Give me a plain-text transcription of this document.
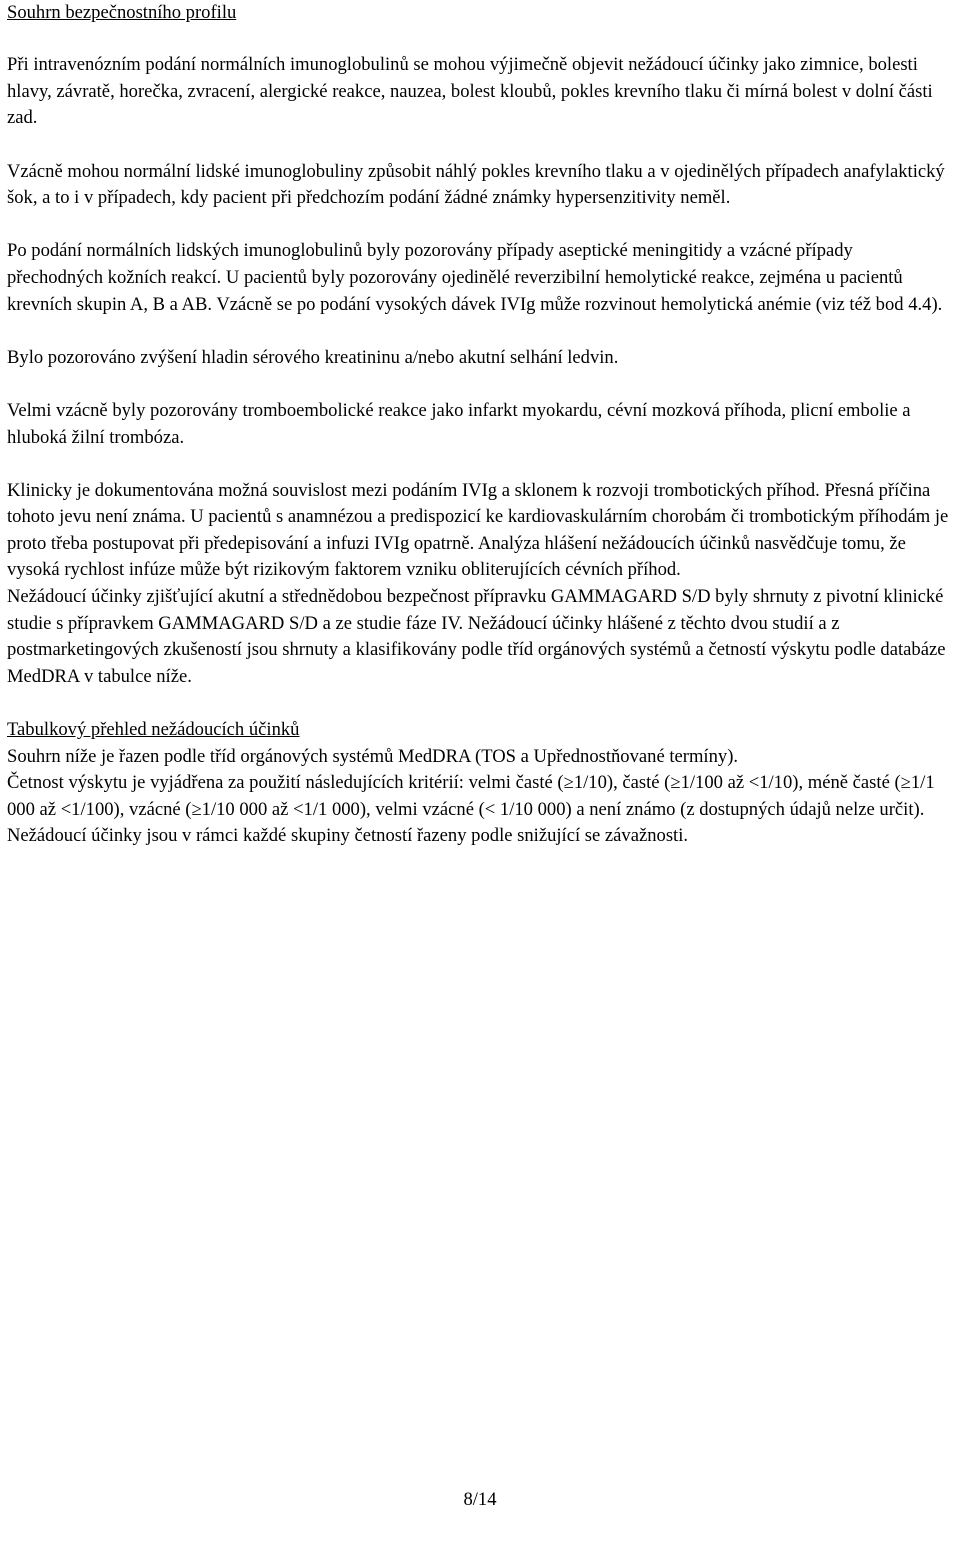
Souhrn bezpečnostního profilu

Při intravenózním podání normálních imunoglobulinů se mohou výjimečně objevit nežádoucí účinky jako zimnice, bolesti hlavy, závratě, horečka, zvracení, alergické reakce, nauzea, bolest kloubů, pokles krevního tlaku či mírná bolest v dolní části zad.

Vzácně mohou normální lidské imunoglobuliny způsobit náhlý pokles krevního tlaku a v ojedinělých případech anafylaktický šok, a to i v případech, kdy pacient při předchozím podání žádné známky hypersenzitivity neměl.

Po podání normálních lidských imunoglobulinů byly pozorovány případy aseptické meningitidy a vzácné případy přechodných kožních reakcí. U pacientů byly pozorovány ojedinělé reverzibilní hemolytické reakce, zejména u pacientů krevních skupin A, B a AB. Vzácně se po podání vysokých dávek IVIg může rozvinout hemolytická anémie (viz též bod 4.4).

Bylo pozorováno zvýšení hladin sérového kreatininu a/nebo akutní selhání ledvin.

Velmi vzácně byly pozorovány tromboembolické reakce jako infarkt myokardu, cévní mozková příhoda, plicní embolie a hluboká žilní trombóza.

Klinicky je dokumentována možná souvislost mezi podáním IVIg a sklonem k rozvoji trombotických příhod. Přesná příčina tohoto jevu není známa. U pacientů s anamnézou a predispozicí ke kardiovaskulárním chorobám či trombotickým příhodám je proto třeba postupovat při předepisování a infuzi IVIg opatrně. Analýza hlášení nežádoucích účinků nasvědčuje tomu, že vysoká rychlost infúze může být rizikovým faktorem vzniku obliterujících cévních příhod.

Nežádoucí účinky zjišťující akutní a střednědobou bezpečnost přípravku GAMMAGARD S/D byly shrnuty z pivotní klinické studie s přípravkem GAMMAGARD S/D a ze studie fáze IV. Nežádoucí účinky hlášené z těchto dvou studií a z postmarketingových zkušeností jsou shrnuty a klasifikovány podle tříd orgánových systémů a četností výskytu podle databáze MedDRA v tabulce níže.

Tabulkový přehled nežádoucích účinků

Souhrn níže je řazen podle tříd orgánových systémů MedDRA (TOS a Upřednostňované termíny).

Četnost výskytu je vyjádřena za použití následujících kritérií: velmi časté (≥1/10), časté (≥1/100 až <1/10), méně časté (≥1/1 000 až <1/100), vzácné (≥1/10 000 až <1/1 000), velmi vzácné (< 1/10 000) a není známo (z dostupných údajů nelze určit).

Nežádoucí účinky jsou v rámci každé skupiny četností řazeny podle snižující se závažnosti.

8/14
